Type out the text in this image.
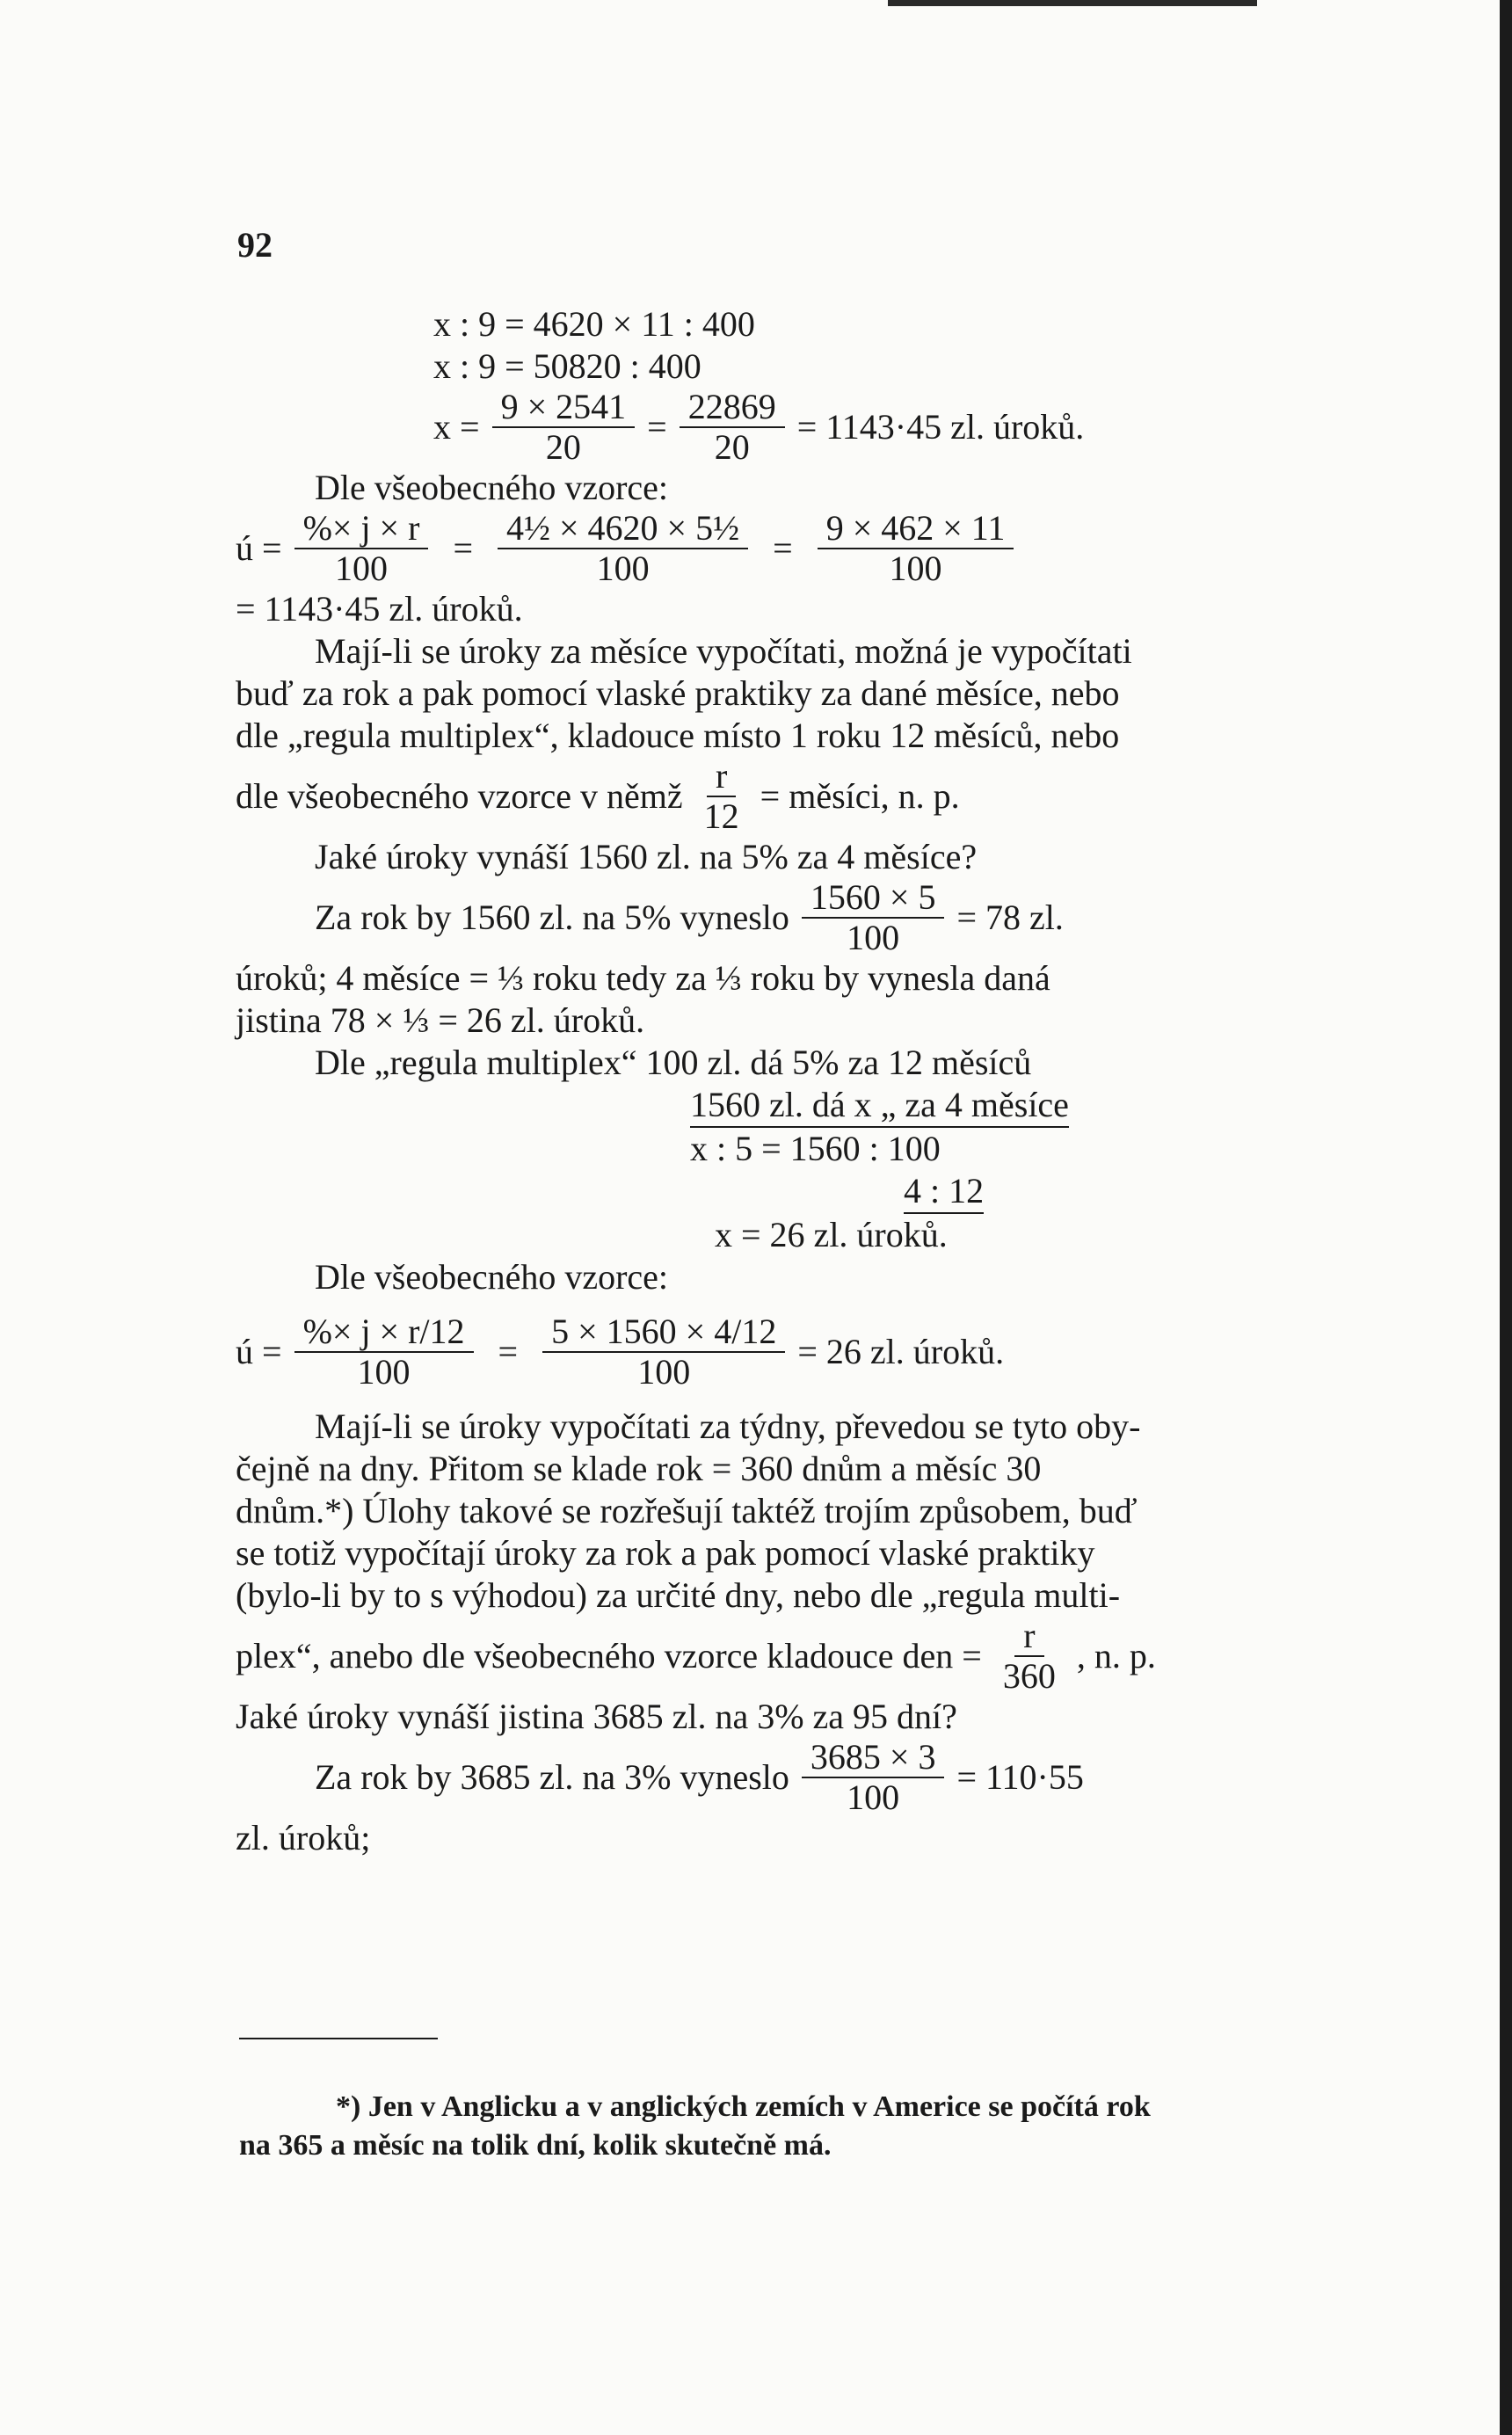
92
x : 9 = 4620 × 11 : 400
x : 9 = 50820 : 400
$x = \frac{9 \times 2541}{20} = \frac{22869}{20} = 1143\cdot 45$ zl. úroků.
Dle všeobecného vzorce:
ú = $\frac{\%\times j \times r}{100} = \frac{\text{4½ × 4620 × 5½}}{100} = \frac{9 \times 462 \times 11}{100}$
= 1143·45 zl. úroků.
Mají-li se úroky za měsíce vypočítati, možná je vypočítati
buď za rok a pak pomocí vlaské praktiky za dané měsíce, nebo
dle „regula multiplex“, kladouce místo 1 roku 12 měsíců, nebo
dle všeobecného vzorce v němž $\frac{r}{12}$ = měsíci, n. p.
Jaké úroky vynáší 1560 zl. na 5% za 4 měsíce?
Za rok by 1560 zl. na 5% vyneslo $\frac{1560 \times 5}{100} = 78$ zl.
úroků; 4 měsíce = ⅓ roku tedy za ⅓ roku by vynesla daná
jistina 78 × ⅓ = 26 zl. úroků.
Dle „regula multiplex“ 100 zl. dá 5% za 12 měsíců
1560 zl. dá x „ za 4 měsíce
x : 5 = 1560 : 100
4 : 12
x = 26 zl. úroků.
Dle všeobecného vzorce:
ú = $\frac{\%\times j \times r/12}{100} = \frac{5 \times 1560 \times 4/12}{100} = 26$ zl. úroků.
Mají-li se úroky vypočítati za týdny, převedou se tyto oby-
čejně na dny. Přitom se klade rok = 360 dnům a měsíc 30
dnům.*) Úlohy takové se rozřešují taktéž trojím způsobem, buď
se totiž vypočítají úroky za rok a pak pomocí vlaské praktiky
(bylo-li by to s výhodou) za určité dny, nebo dle „regula multi-
plex“, anebo dle všeobecného vzorce kladouce den = $\frac{r}{360}$ , n. p.
Jaké úroky vynáší jistina 3685 zl. na 3% za 95 dní?
Za rok by 3685 zl. na 3% vyneslo $\frac{3685 \times 3}{100} = 110\cdot 55$
zl. úroků;
*) Jen v Anglicku a v anglických zemích v Americe se počítá rok
na 365 a měsíc na tolik dní, kolik skutečně má.
